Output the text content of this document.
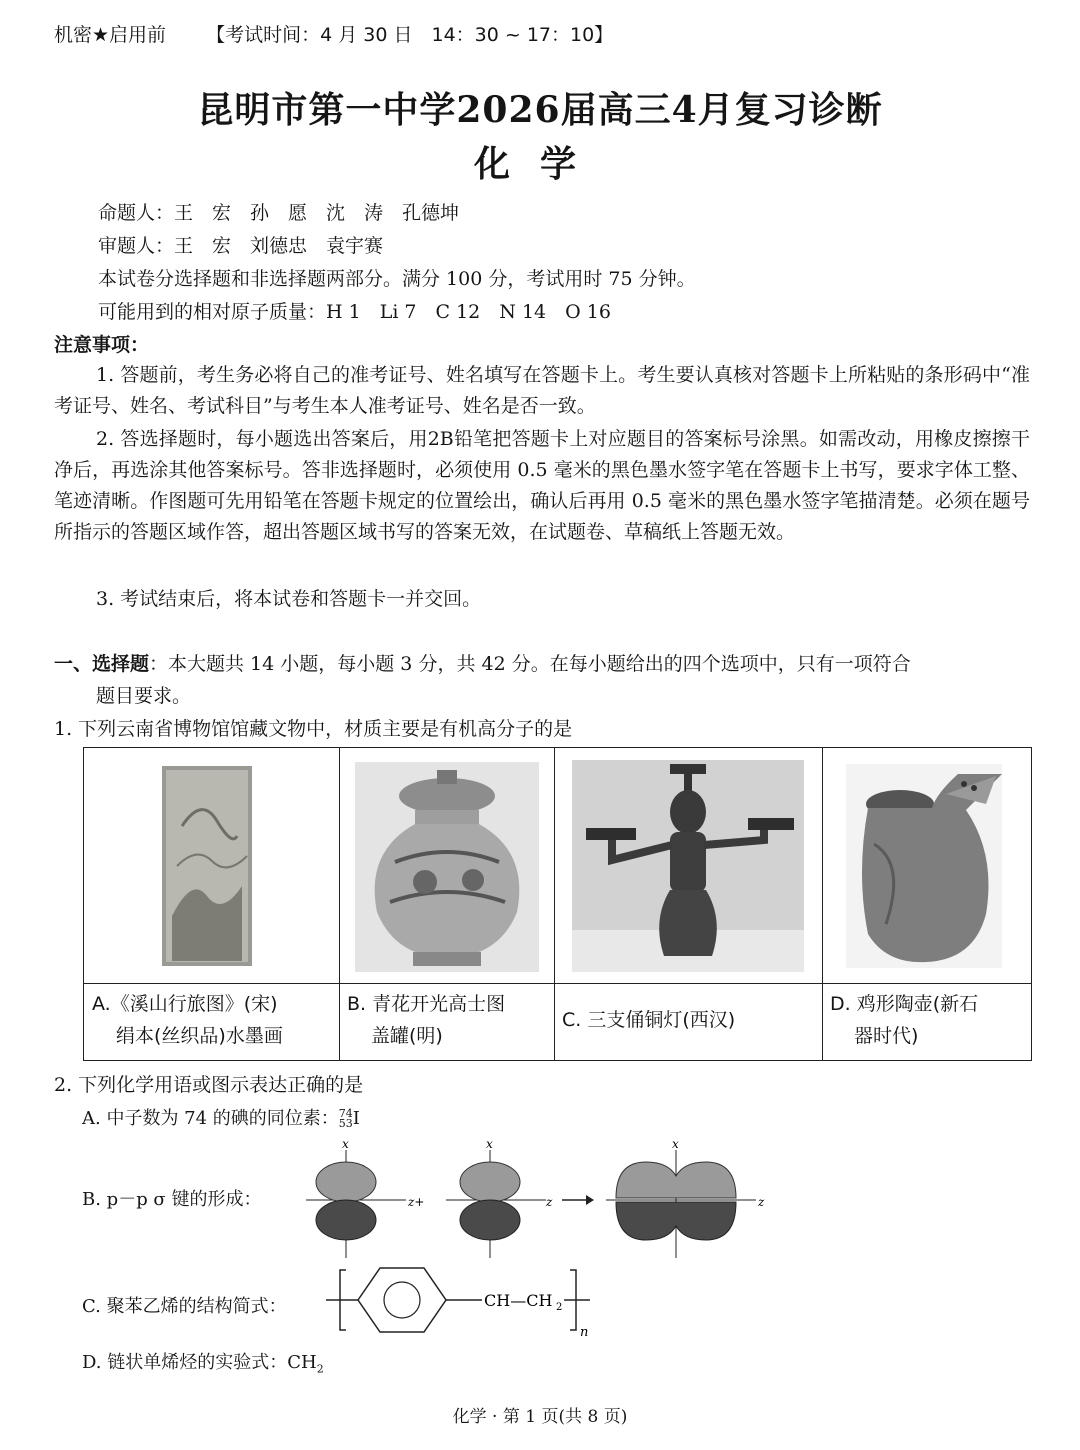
机密★启用前 【考试时间：4 月 30 日　14：30 ~ 17：10】
昆明市第一中学2026届高三4月复习诊断
化学
命题人：王　宏　孙　愿　沈　涛　孔德坤
审题人：王　宏　刘德忠　袁宇赛
本试卷分选择题和非选择题两部分。满分 100 分，考试用时 75 分钟。
可能用到的相对原子质量：H 1　Li 7　C 12　N 14　O 16
注意事项：
1. 答题前，考生务必将自己的准考证号、姓名填写在答题卡上。考生要认真核对答题卡上所粘贴的条形码中“准考证号、姓名、考试科目”与考生本人准考证号、姓名是否一致。
2. 答选择题时，每小题选出答案后，用2B铅笔把答题卡上对应题目的答案标号涂黑。如需改动，用橡皮擦擦干净后，再选涂其他答案标号。答非选择题时，必须使用 0.5 毫米的黑色墨水签字笔在答题卡上书写，要求字体工整、笔迹清晰。作图题可先用铅笔在答题卡规定的位置绘出，确认后再用 0.5 毫米的黑色墨水签字笔描清楚。必须在题号所指示的答题区域作答，超出答题区域书写的答案无效，在试题卷、草稿纸上答题无效。
3. 考试结束后，将本试卷和答题卡一并交回。
一、选择题：本大题共 14 小题，每小题 3 分，共 42 分。在每小题给出的四个选项中，只有一项符合
题目要求。
1. 下列云南省博物馆馆藏文物中，材质主要是有机高分子的是
A.《溪山行旅图》(宋)
绢本(丝织品)水墨画
B. 青花开光高士图
盖罐(明)
C. 三支俑铜灯(西汉)
D. 鸡形陶壶(新石
器时代)
2. 下列化学用语或图示表达正确的是
A. 中子数为 74 的碘的同位素：74
53I
B. p－p σ 键的形成：
x
z+
x
z
x
z
C. 聚苯乙烯的结构简式：	CH—CH 2
n
D. 链状单烯烃的实验式：$CH_2$
化学 · 第 1 页(共 8 页)
